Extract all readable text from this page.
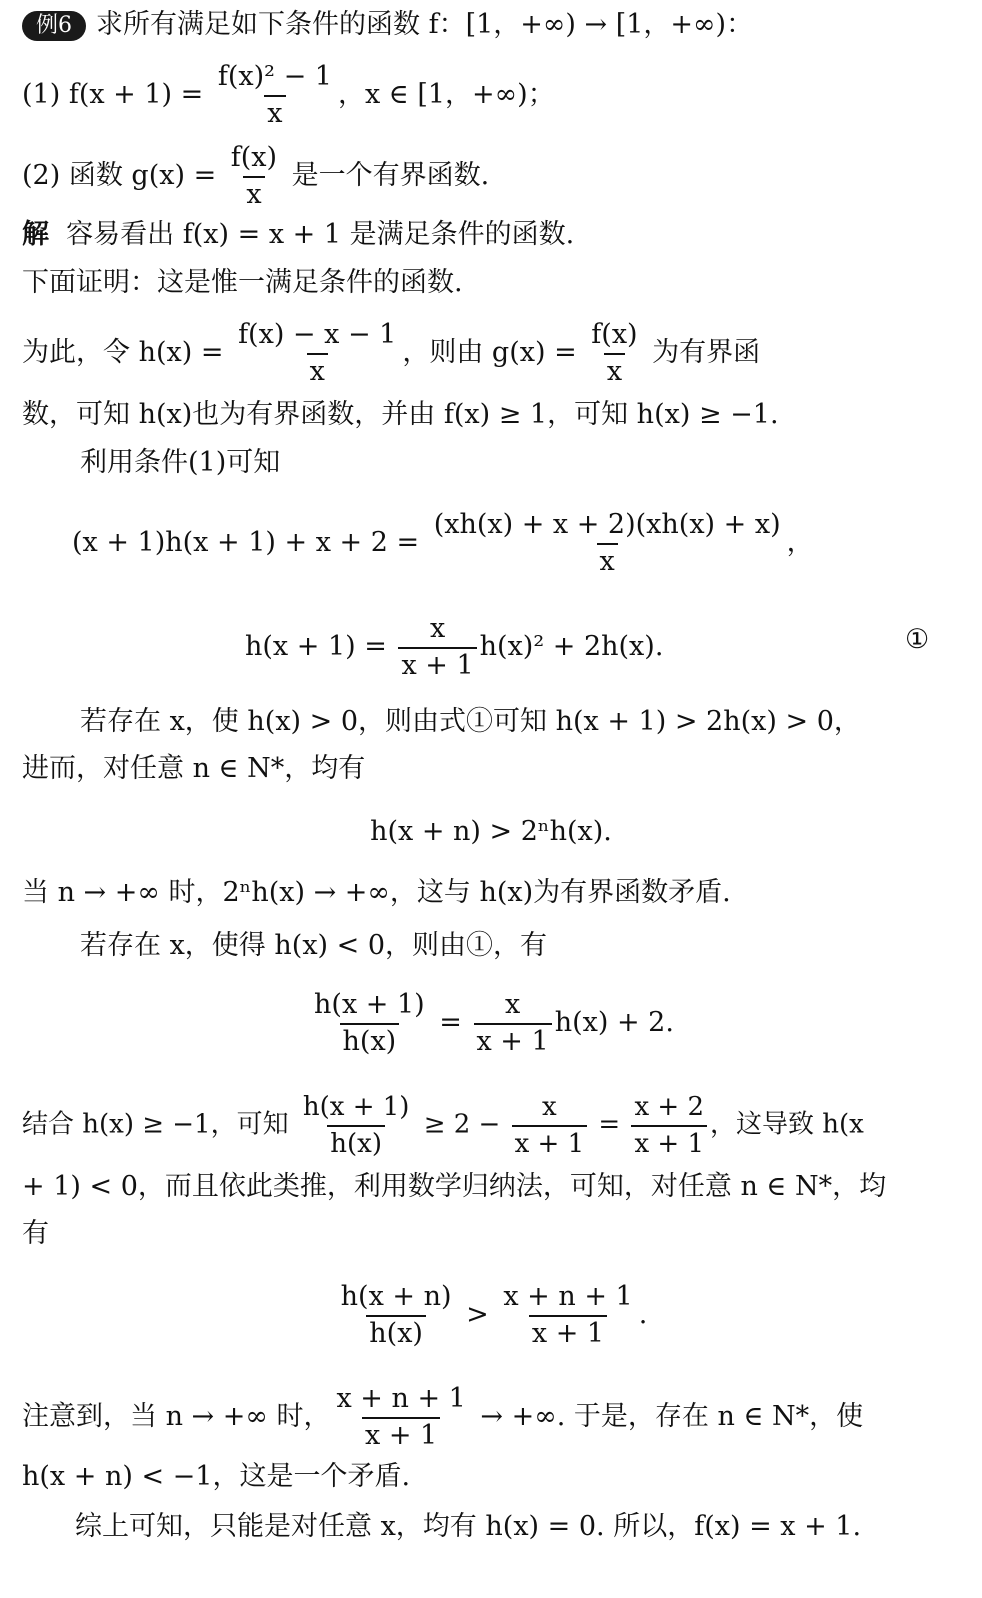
例6 求所有满足如下条件的函数 f：[1，+∞) → [1，+∞)：
(1) $f(x + 1) = \frac{\text{f(x)² − 1}}{x}$ ，x ∈ [1，+∞)；
(2) 函数 $g(x) = \frac{f(x)}{x}$ 是一个有界函数.
解 容易看出 f(x) = x + 1 是满足条件的函数.
下面证明：这是惟一满足条件的函数.
为此，令 $h(x) = \frac{f(x) - x - 1}{x}$ ，则由 $g(x) = \frac{f(x)}{x}$ 为有界函
数，可知 h(x)也为有界函数，并由 f(x) ≥ 1，可知 h(x) ≥ −1.
利用条件(1)可知
$(x + 1)h(x + 1) + x + 2 = \frac{(xh(x) + x + 2)(xh(x) + x)}{x}$ ，
$h(x + 1) = \frac{x}{x + 1} h(x)^2 + 2h(x)$.	①
若存在 x，使 h(x) > 0，则由式①可知 h(x + 1) > 2h(x) > 0，
进而，对任意 n ∈ N*，均有
h(x + n) > 2ⁿh(x).
当 n → +∞ 时，2ⁿh(x) → +∞，这与 h(x)为有界函数矛盾.
若存在 x，使得 h(x) < 0，则由①，有
$\frac{h(x + 1)}{h(x)} = \frac{x}{x + 1} h(x) + 2$.
结合 h(x) ≥ −1，可知 $\frac{h(x + 1)}{h(x)} \ge 2 - \frac{x}{x + 1} = \frac{x + 2}{x + 1}$ ，这导致 h(x
+ 1) < 0，而且依此类推，利用数学归纳法，可知，对任意 n ∈ N*，均
有
$\frac{h(x + n)}{h(x)} > \frac{x + n + 1}{x + 1}$ .
注意到，当 n → +∞ 时， $\frac{x + n + 1}{x + 1}$ → +∞. 于是，存在 n ∈ N*，使
h(x + n) < −1，这是一个矛盾.
综上可知，只能是对任意 x，均有 h(x) = 0. 所以，f(x) = x + 1.
